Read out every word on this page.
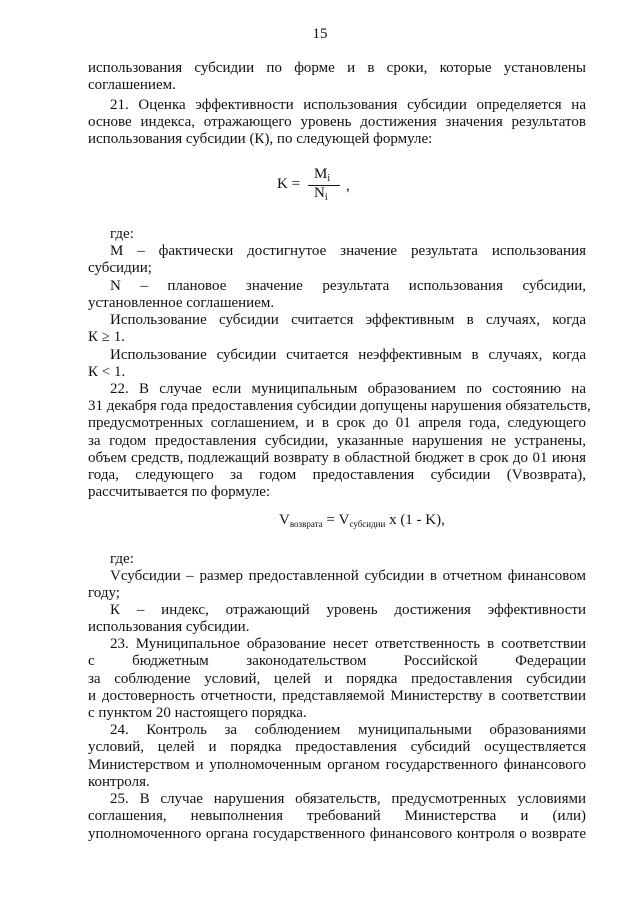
15
использования субсидии по форме и в сроки, которые установлены
соглашением.
21. Оценка эффективности использования субсидии определяется на
основе индекса, отражающего уровень достижения значения результатов
использования субсидии (К), по следующей формуле:
где:
М – фактически достигнутое значение результата использования
субсидии;
N – плановое значение результата использования субсидии,
установленное соглашением.
Использование субсидии считается эффективным в случаях, когда
К ≥ 1.
Использование субсидии считается неэффективным в случаях, когда
К < 1.
22. В случае если муниципальным образованием по состоянию на
31 декабря года предоставления субсидии допущены нарушения обязательств,
предусмотренных соглашением, и в срок до 01 апреля года, следующего
за годом предоставления субсидии, указанные нарушения не устранены,
объем средств, подлежащий возврату в областной бюджет в срок до 01 июня
года, следующего за годом предоставления субсидии (Vвозврата),
рассчитывается по формуле:
где:
Vсубсидии – размер предоставленной субсидии в отчетном финансовом
году;
К – индекс, отражающий уровень достижения эффективности
использования субсидии.
23. Муниципальное образование несет ответственность в соответствии
с бюджетным законодательством Российской Федерации
за соблюдение условий, целей и порядка предоставления субсидии
и достоверность отчетности, представляемой Министерству в соответствии
с пунктом 20 настоящего порядка.
24. Контроль за соблюдением муниципальными образованиями
условий, целей и порядка предоставления субсидий осуществляется
Министерством и уполномоченным органом государственного финансового
контроля.
25. В случае нарушения обязательств, предусмотренных условиями
соглашения, невыполнения требований Министерства и (или)
уполномоченного органа государственного финансового контроля о возврате
K =
$M_i$
$N_i$
,
$V_{возврата} = V_{субсидии}$ x (1 - K),
